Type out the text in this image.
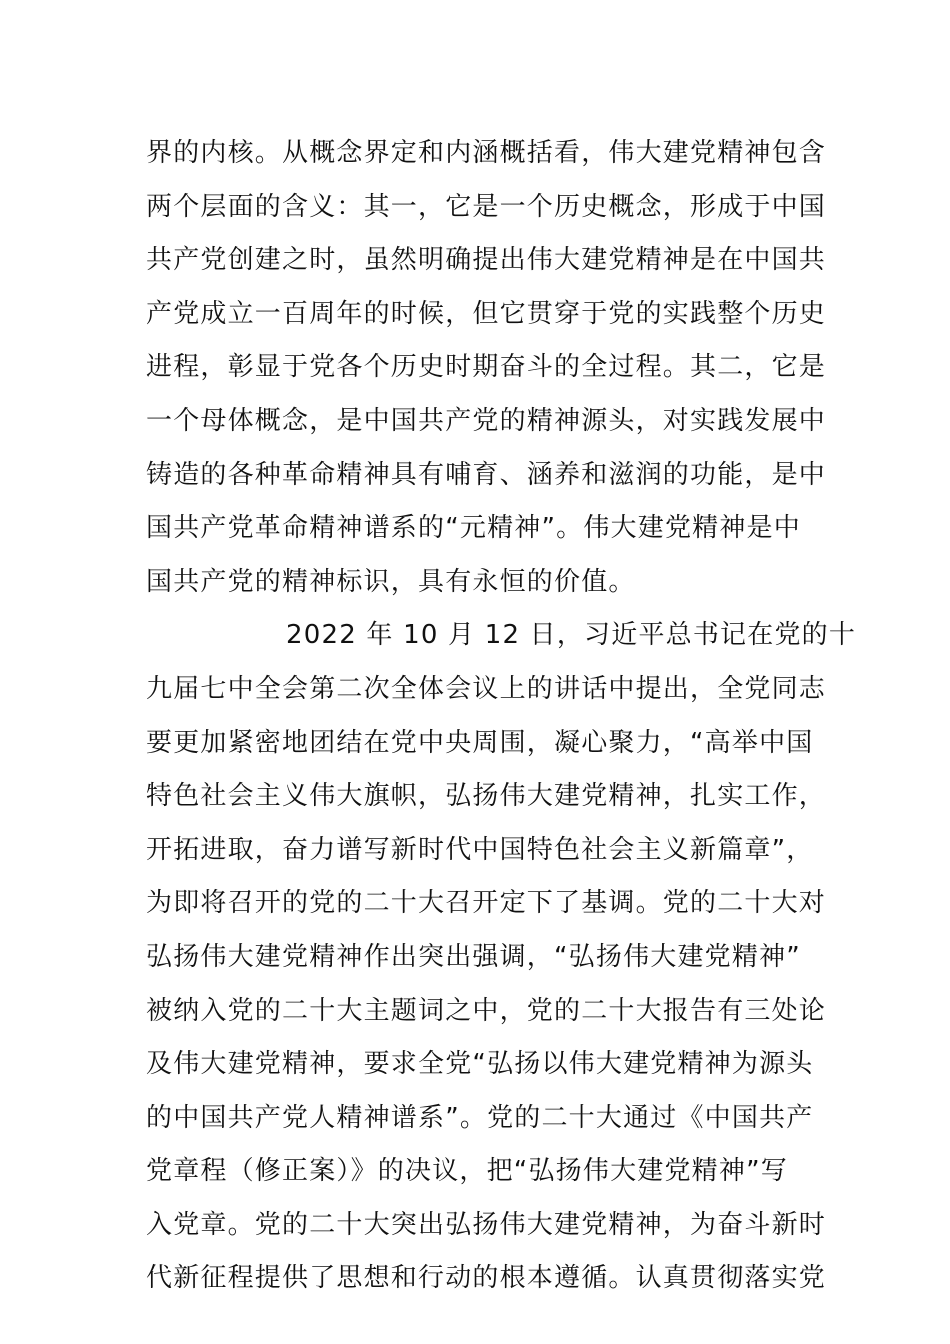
界的内核。从概念界定和内涵概括看，伟大建党精神包含
两个层面的含义：其一，它是一个历史概念，形成于中国
共产党创建之时，虽然明确提出伟大建党精神是在中国共
产党成立一百周年的时候，但它贯穿于党的实践整个历史
进程，彰显于党各个历史时期奋斗的全过程。其二，它是
一个母体概念，是中国共产党的精神源头，对实践发展中
铸造的各种革命精神具有哺育、涵养和滋润的功能，是中
国共产党革命精神谱系的“元精神”。伟大建党精神是中
国共产党的精神标识，具有永恒的价值。
2022 年 10 月 12 日，习近平总书记在党的十
九届七中全会第二次全体会议上的讲话中提出，全党同志
要更加紧密地团结在党中央周围，凝心聚力，“高举中国
特色社会主义伟大旗帜，弘扬伟大建党精神，扎实工作，
开拓进取，奋力谱写新时代中国特色社会主义新篇章”，
为即将召开的党的二十大召开定下了基调。党的二十大对
弘扬伟大建党精神作出突出强调，“弘扬伟大建党精神”
被纳入党的二十大主题词之中，党的二十大报告有三处论
及伟大建党精神，要求全党“弘扬以伟大建党精神为源头
的中国共产党人精神谱系”。党的二十大通过《中国共产
党章程（修正案）》的决议，把“弘扬伟大建党精神”写
入党章。党的二十大突出弘扬伟大建党精神，为奋斗新时
代新征程提供了思想和行动的根本遵循。认真贯彻落实党
